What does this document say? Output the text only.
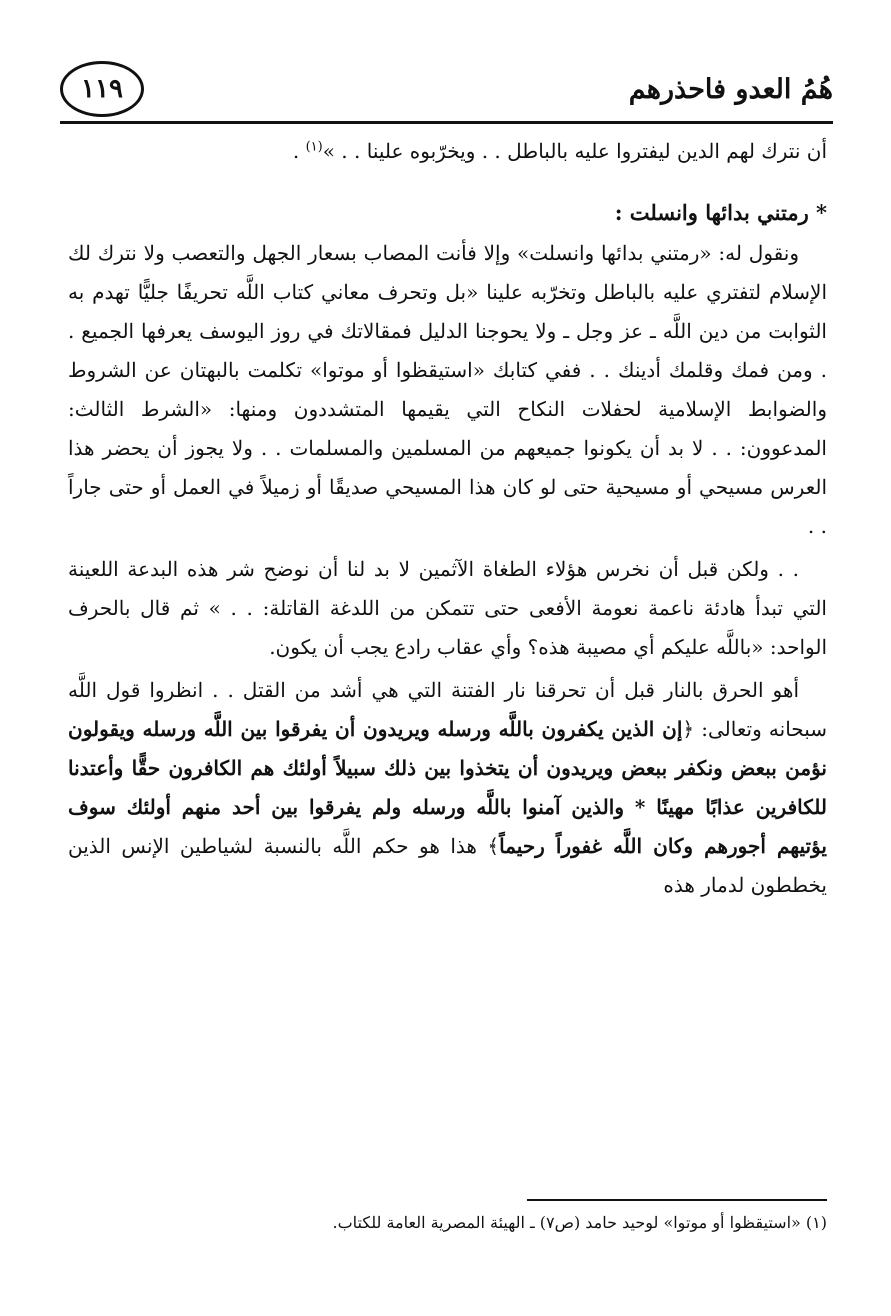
١١٩	هُمُ العدو فاحذرهم

أن نترك لهم الدين ليفتروا عليه بالباطل . . ويخرّبوه علينا . . »$^{(١)}$ .

* رمتني بدائها وانسلت :

ونقول له: «رمتني بدائها وانسلت» وإلا فأنت المصاب بسعار الجهل والتعصب ولا نترك لك الإسلام لتفتري عليه بالباطل وتخرّبه علينا «بل وتحرف معاني كتاب اللَّه تحريفًا جليًّا تهدم به الثوابت من دين اللَّه ـ عز وجل ـ ولا يحوجنا الدليل فمقالاتك في روز اليوسف يعرفها الجميع . . ومن فمك وقلمك أدينك . . ففي كتابك «استيقظوا أو موتوا» تكلمت بالبهتان عن الشروط والضوابط الإسلامية لحفلات النكاح التي يقيمها المتشددون ومنها: «الشرط الثالث: المدعوون: . . لا بد أن يكونوا جميعهم من المسلمين والمسلمات . . ولا يجوز أن يحضر هذا العرس مسيحي أو مسيحية حتى لو كان هذا المسيحي صديقًا أو زميلاً في العمل أو حتى جاراً . .

. . ولكن قبل أن نخرس هؤلاء الطغاة الآثمين لا بد لنا أن نوضح شر هذه البدعة اللعينة التي تبدأ هادئة ناعمة نعومة الأفعى حتى تتمكن من اللدغة القاتلة: . . » ثم قال بالحرف الواحد: «باللَّه عليكم أي مصيبة هذه؟ وأي عقاب رادع يجب أن يكون.

أهو الحرق بالنار قبل أن تحرقنا نار الفتنة التي هي أشد من القتل . . انظروا قول اللَّه سبحانه وتعالى: ﴿إن الذين يكفرون باللَّه ورسله ويريدون أن يفرقوا بين اللَّه ورسله ويقولون نؤمن ببعض ونكفر ببعض ويريدون أن يتخذوا بين ذلك سبيلاً أولئك هم الكافرون حقًّا وأعتدنا للكافرين عذابًا مهينًا * والذين آمنوا باللَّه ورسله ولم يفرقوا بين أحد منهم أولئك سوف يؤتيهم أجورهم وكان اللَّه غفوراً رحيماً﴾ هذا هو حكم اللَّه بالنسبة لشياطين الإنس الذين يخططون لدمار هذه

(١) «استيقظوا أو موتوا» لوحيد حامد (ص٧) ـ الهيئة المصرية العامة للكتاب.
